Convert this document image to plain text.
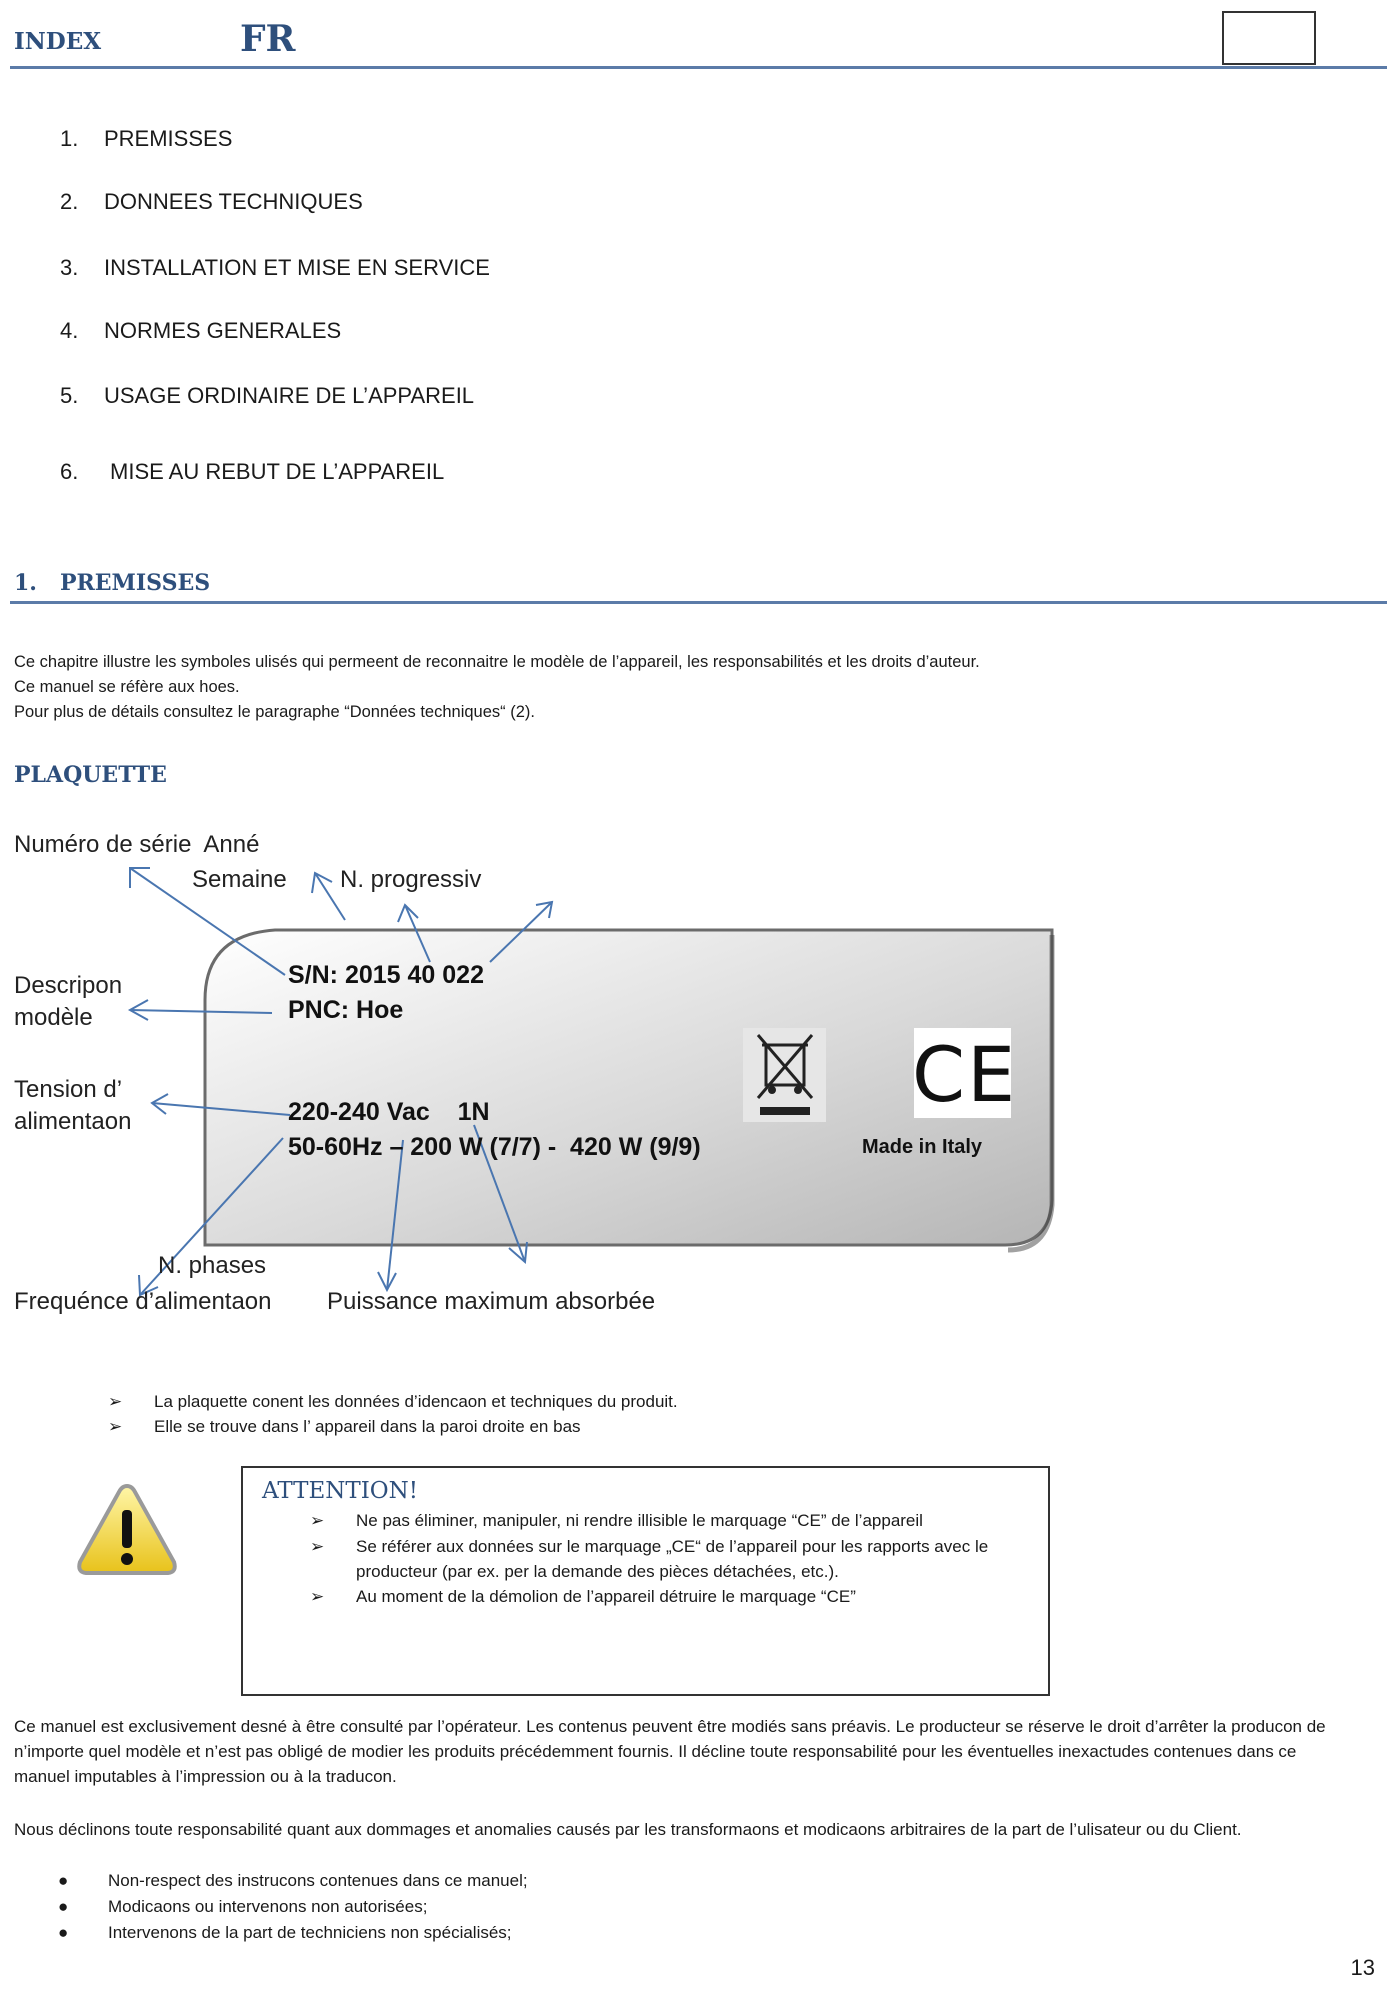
INDEX	FR
1. PREMISSES
2. DONNEES TECHNIQUES
3. INSTALLATION ET MISE EN SERVICE
4. NORMES GENERALES
5. USAGE ORDINAIRE DE L’APPAREIL
6. MISE AU REBUT DE L’APPAREIL
1.   PREMISSES
Ce chapitre illustre les symboles ulisés qui permeent de reconnaitre le modèle de l’appareil, les responsabilités et les droits d’auteur.
Ce manuel se réfère aux hoes.
Pour plus de détails consultez le paragraphe “Données techniques“ (2).
PLAQUETTE
CE
Numéro de série  Anné
Semaine N. progressiv
Descripon
modèle
Tension d’
alimentaon
N. phases
Frequénce d’alimentaon Puissance maximum absorbée
S/N: 2015 40 022
PNC: Hoe
220-240 Vac    1N
50-60Hz – 200 W (7/7) -  420 W (9/9)	Made in Italy
➢ La plaquette conent les données d’idencaon et techniques du produit.
➢ Elle se trouve dans l’ appareil dans la paroi droite en bas
ATTENTION!
➢ Ne pas éliminer, manipuler, ni rendre illisible le marquage “CE” de l’appareil
➢	Se référer aux données sur le marquage „CE“ de l’appareil pour les rapports avec le producteur (par ex. per la demande des pièces détachées, etc.).
➢ Au moment de la démolion de l’appareil détruire le marquage “CE”
Ce manuel est exclusivement desné à être consulté par l’opérateur. Les contenus peuvent être modiés sans préavis. Le producteur se réserve le droit d’arrêter la producon de n’importe quel modèle et n’est pas obligé de modier les produits précédemment fournis. Il décline toute responsabilité pour les éventuelles inexactudes contenues dans ce manuel imputables à l’impression ou à la traducon.
Nous déclinons toute responsabilité quant aux dommages et anomalies causés par les transformaons et modicaons arbitraires de la part de l’ulisateur ou du Client.
● Non-respect des instrucons contenues dans ce manuel;
● Modicaons ou intervenons non autorisées;
● Intervenons de la part de techniciens non spécialisés;
13
